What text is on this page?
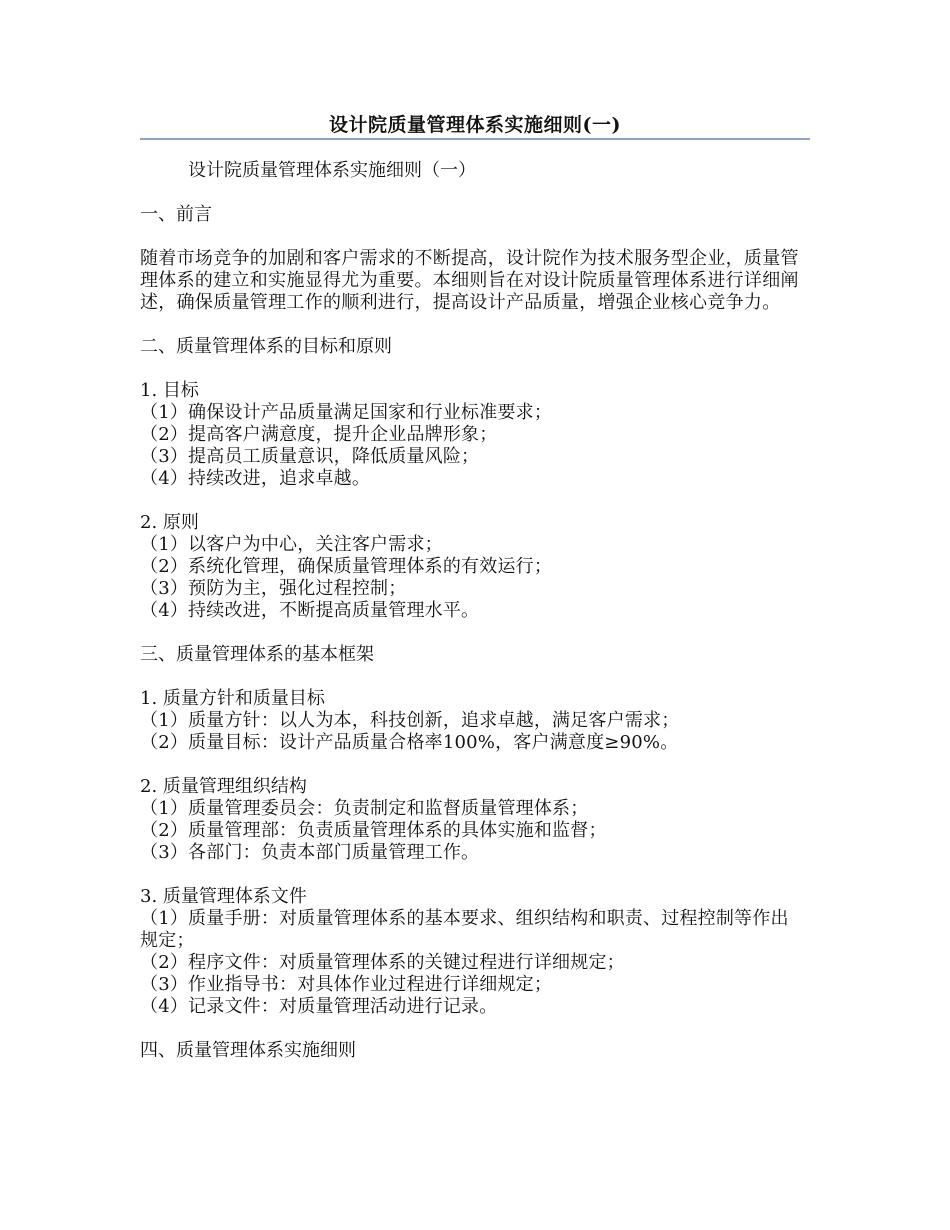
设计院质量管理体系实施细则(一)

设计院质量管理体系实施细则（一）

一、前言

随着市场竞争的加剧和客户需求的不断提高，设计院作为技术服务型企业，质量管理体系的建立和实施显得尤为重要。本细则旨在对设计院质量管理体系进行详细阐述，确保质量管理工作的顺利进行，提高设计产品质量，增强企业核心竞争力。

二、质量管理体系的目标和原则

1. 目标

（1）确保设计产品质量满足国家和行业标准要求；

（2）提高客户满意度，提升企业品牌形象；

（3）提高员工质量意识，降低质量风险；

（4）持续改进，追求卓越。

2. 原则

（1）以客户为中心，关注客户需求；

（2）系统化管理，确保质量管理体系的有效运行；

（3）预防为主，强化过程控制；

（4）持续改进，不断提高质量管理水平。

三、质量管理体系的基本框架

1. 质量方针和质量目标

（1）质量方针：以人为本，科技创新，追求卓越，满足客户需求；

（2）质量目标：设计产品质量合格率100%，客户满意度≥90%。

2. 质量管理组织结构

（1）质量管理委员会：负责制定和监督质量管理体系；

（2）质量管理部：负责质量管理体系的具体实施和监督；

（3）各部门：负责本部门质量管理工作。

3. 质量管理体系文件

（1）质量手册：对质量管理体系的基本要求、组织结构和职责、过程控制等作出规定；

（2）程序文件：对质量管理体系的关键过程进行详细规定；

（3）作业指导书：对具体作业过程进行详细规定；

（4）记录文件：对质量管理活动进行记录。

四、质量管理体系实施细则
